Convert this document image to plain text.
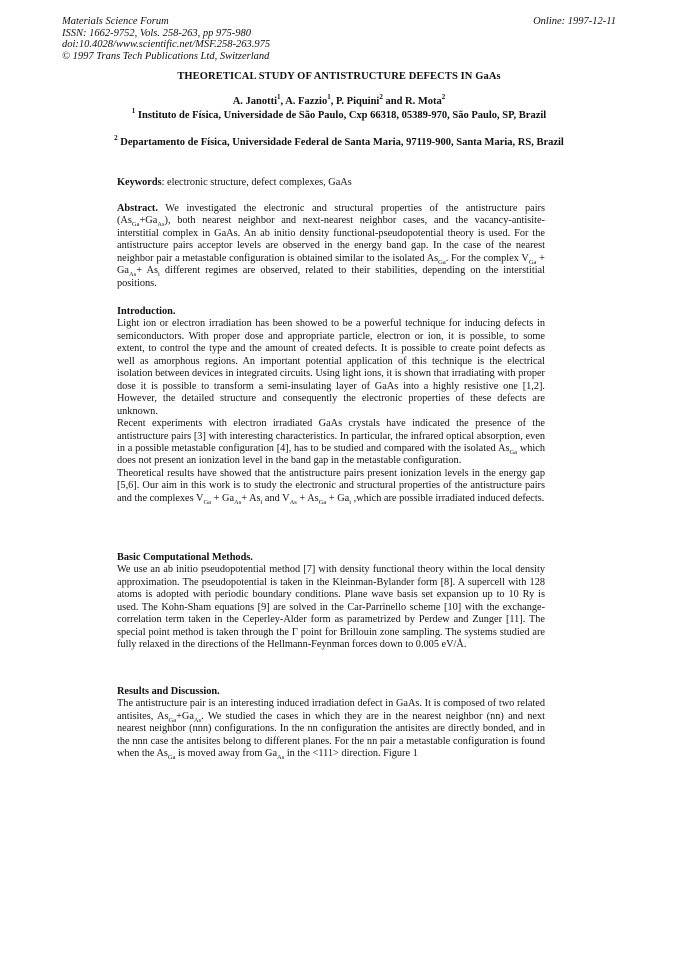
Materials Science Forum
ISSN: 1662-9752, Vols. 258-263, pp 975-980
doi:10.4028/www.scientific.net/MSF.258-263.975
© 1997 Trans Tech Publications Ltd, Switzerland
Online: 1997-12-11
THEORETICAL STUDY OF ANTISTRUCTURE DEFECTS IN GaAs
A. Janotti$^1$, A. Fazzio$^1$, P. Piquini$^2$ and R. Mota$^2$
$^1$ Instituto de Física, Universidade de São Paulo, Cxp 66318, 05389-970, São Paulo, SP, Brazil
$^2$ Departamento de Física, Universidade Federal de Santa Maria, 97119-900, Santa Maria, RS, Brazil
Keywords: electronic structure, defect complexes, GaAs

Abstract. We investigated the electronic and structural properties of the antistructure pairs $(As_{Ga}+Ga_{As})$, both nearest neighbor and next-nearest neighbor cases, and the vacancy-antisite-interstitial complex in GaAs. An ab initio density functional-pseudopotential theory is used. For the antistructure pairs acceptor levels are observed in the energy band gap. In the case of the nearest neighbor pair a metastable configuration is obtained similar to the isolated $As_{Ga}$. For the complex $V_{Ga} + Ga_{As}+ As_i$ different regimes are observed, related to their stabilities, depending on the interstitial positions.

Introduction.

Light ion or electron irradiation has been showed to be a powerful technique for inducing defects in semiconductors. With proper dose and appropriate particle, electron or ion, it is possible, to some extent, to control the type and the amount of created defects. It is possible to create point defects as well as amorphous regions. An important potential application of this technique is the electrical isolation between devices in integrated circuits. Using light ions, it is shown that irradiating with proper dose it is possible to transform a semi-insulating layer of GaAs into a highly resistive one [1,2]. However, the detailed structure and consequently the electronic properties of these defects are unknown.

Recent experiments with electron irradiated GaAs crystals have indicated the presence of the antistructure pairs [3] with interesting characteristics. In particular, the infrared optical absorption, even in a possible metastable configuration [4], has to be studied and compared with the isolated $As_{Ga}$ which does not present an ionization level in the band gap in the metastable configuration.

Theoretical results have showed that the antistructure pairs present ionization levels in the energy gap [5,6]. Our aim in this work is to study the electronic and structural properties of the antistructure pairs and the complexes $V_{Ga} + Ga_{As}+ As_i$ and $V_{As} + As_{Ga} + Ga_i$ ,which are possible irradiated induced defects.

Basic Computational Methods.

We use an ab initio pseudopotential method [7] with density functional theory within the local density approximation. The pseudopotential is taken in the Kleinman-Bylander form [8]. A supercell with 128 atoms is adopted with periodic boundary conditions. Plane wave basis set expansion up to 10 Ry is used. The Kohn-Sham equations [9] are solved in the Car-Parrinello scheme [10] with the exchange-correlation term taken in the Ceperley-Alder form as parametrized by Perdew and Zunger [11]. The special point method is taken through the Γ point for Brillouin zone sampling. The systems studied are fully relaxed in the directions of the Hellmann-Feynman forces down to 0.005 eV/Å.

Results and Discussion.

The antistructure pair is an interesting induced irradiation defect in GaAs. It is composed of two related antisites, $As_{Ga}+Ga_{As}$. We studied the cases in which they are in the nearest neighbor (nn) and next nearest neighbor (nnn) configurations. In the nn configuration the antisites are directly bonded, and in the nnn case the antisites belong to different planes. For the nn pair a metastable configuration is found when the $As_{Ga}$ is moved away from $Ga_{As}$ in the <111> direction. Figure 1
